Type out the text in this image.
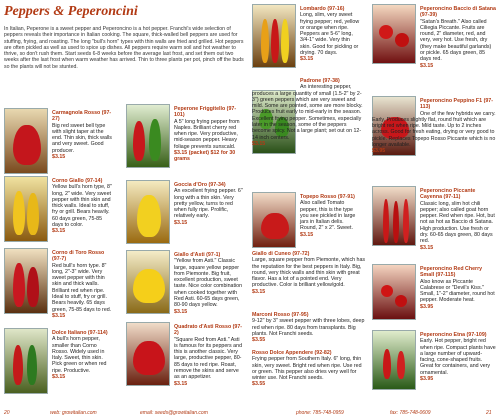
Peppers & Peperoncini
In Italian, Peperone is a sweet pepper and Peperoncino is a hot pepper. Franchi's wide selection of peppers reveals their importance in Italian cooking. The square, thick-walled bell peppers are used for stuffing, frying, and roasting. The long "bull's horn" types with thin walls are fried and grilled. Hot peppers are often pickled as well as used to spice up dishes. All peppers require warm soil and hot weather to thrive, so don't rush them. Start seeds 6-8 weeks before the average last frost, and set them out two weeks after the last frost when warm weather has arrived. Thin to three plants per pot, pinch off the buds so the plants will not be stunted.
Carmagnola Rosso (97-27)
Big red sweet bell type with slight taper at the end. Thin skin, thick walls and very sweet. Good producer.
$3.15
Corno Giallo (97-14)
Yellow bull's horn type, 8" long, 2" wide. Very sweet pepper with thin skin and thick walls. Ideal to stuff, fry or grill. Bears heavily. 60 days green, 75-85 days to color.
$3.15
Corno di Toro Rosso (97-7)
Red bull's horn type. 8" long, 2"-3" wide. Very sweet pepper with thin skin and thick walls. Brilliant red when ripe. Ideal to stuff, fry or grill. Bears heavily. 65 days green, 75-85 days to red.
$3.15
Dolce Italiano (97-114)
A bull's horn pepper, smaller than Corno Rosso. Widely used in Italy. Sweet, thin skin. Pick green or when red ripe. Productive.
$3.15
Peperone Friggitello (97-101)
A 5" long frying pepper from Naples. Brilliant cherry red when ripe. Very productive, mid-season pepper. Heavy foliage prevents sunscald.
$3.15 (packet) $12 for 30 grams
Goccia d'Oro (97-34)
An excellent frying pepper. 6" long with a thin skin. Very pretty yellow, turns to red when fully ripe. Prolific, relatively early.
$3.15
Giallo d'Asti (97-1)
"Yellow from Asti." Classic large, square yellow pepper from Piemonte. Big fruit, excellent production, sweet taste. Nice color combination when cooked together with Red Asti. 60-65 days green, 80-90 days yellow.
$3.15
Quadrato d'Asti Rosso (97-2)
"Square Red from Asti." Asti is famous for its peppers and this is another classic. Very large, productive pepper, 80-85 days to red ripe. Roast, remove the skins and serve as an appetizer.
$3.15
Lombardo (97-16)
Long, slim, very sweet frying pepper; red, yellow or orange when ripe. Peppers are 5-6" long, 3/4-1" wide. Very thin skin. Good for pickling or drying. 70 days.
$3.15
Padrone (97-38)
An interesting pepper, produces a large quantity of small (1.5-2" by 2-3") green peppers which are very sweet and mild. Some are pointed, some are more blocky. Produces fruit early to mid-early in the season. Excellent frying pepper. Sometimes, especially later in the season, some of the peppers become spicy. Not a large plant; set out on 12-14 inch centers.
$3.15
Topepo Rosso (97-91)
Also called Tomato pepper, this is the type you see pickled in large jars in Italian delis. Round, 2" x 2". Sweet.
$3.15
Giallo di Cuneo (97-72)
Large, square pepper from Piemonte, which has the reputation for the best peppers in Italy. Big, round, very thick walls and thin skin with great flavor. Has a lot of a pointed end. Very productive. Color is brilliant yellow/gold.
$3.15
Marconi Rosso (97-95)
9-12" by 3" sweet pepper with three lobes, deep red when ripe. 80 days from transplants. Big plants. Not Franchi seeds.
$3.55
Rosso Dolce Appendere (92-82)
Frying pepper from Southern Italy. 6" long, thin skin, very sweet. Bright red when ripe. Use red or green. This pepper also dries very well for winter use. Not Franchi seeds.
$3.55
Peperoncino Baccio di Satana (97-39)
"Satan's Breath." Also called Ciliegia Piccante. Fruits are round, 2" diameter, red, and very, very hot. Use fresh, dry (they make beautiful garlands) or pickle. 65 days green, 85 days red.
$3.15
Peperoncino Peppino F1 (97-113)
One of the few hybrids we carry. Early, Produces slightly flat, round fruit which are bright red when ripe. Mild taste. Up to 2 inches across. Good for fresh eating, drying or very good to pickle. Replaces Topepo Rosso Piccante which is no longer available.
$3.95
Peperoncino Piccante Cayenna (97-11)
Classic long, slim hot chili pepper; also called goat horn pepper. Red when ripe. Hot, but not as hot as Baccio di Satana. High production. Use fresh or dry. 60-65 days green, 80 days red.
$3.15
Peperoncino Red Cherry Small (97-115)
Also know as Piccante Calabrese or "Devil's Kiss." Small, 1"-2" diameter, round hot pepper. Moderate heat.
$3.95
Peperoncino Etna (97-109)
Early. Hot pepper, bright red when ripe. Compact plants have a large number of upward-facing, cone-shaped fruits. Great for containers, and very ornamental.
$3.95
20	web: growitalian.com	email: seeds@growitalian.com	phone: 785-748-0959	fax: 785-748-0609	21
